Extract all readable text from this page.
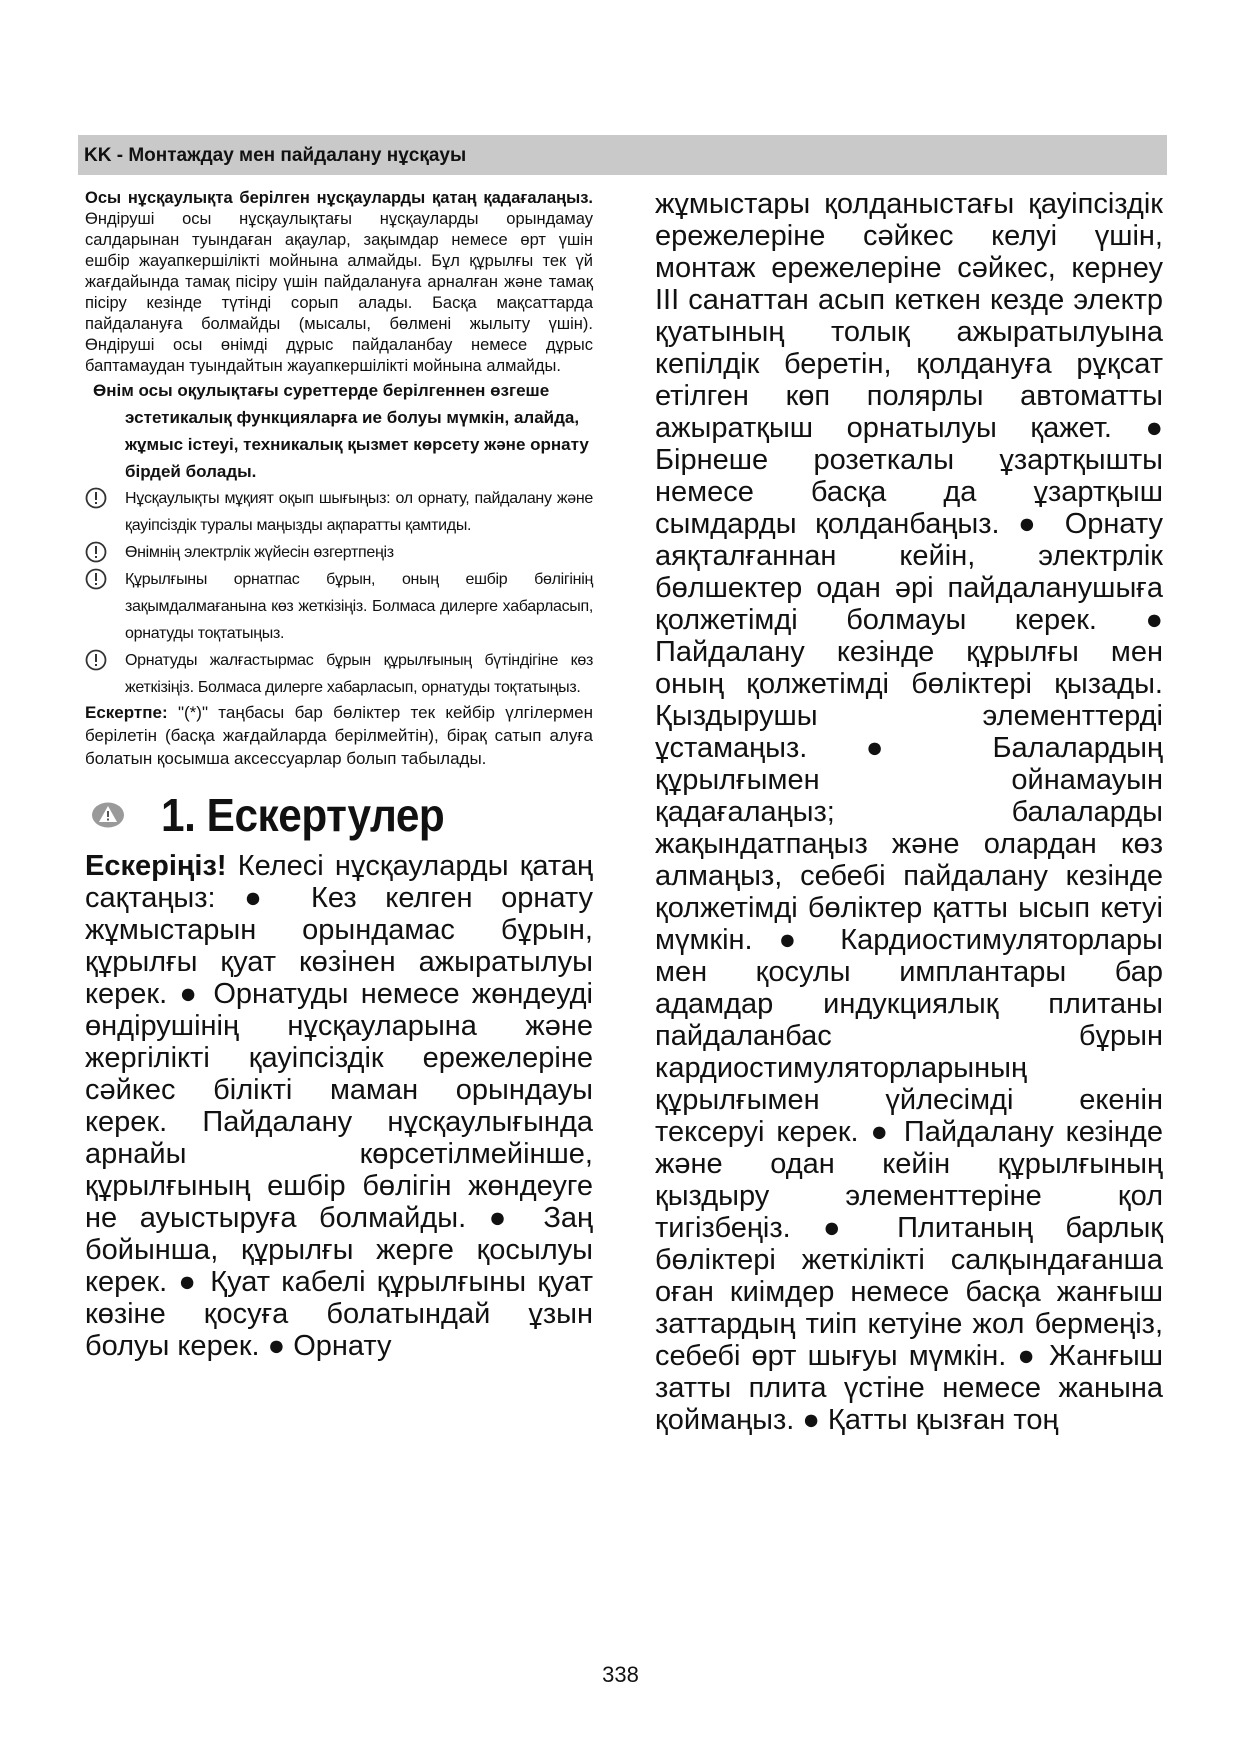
KK - Монтаждау мен пайдалану нұсқауы

Осы нұсқаулықта берілген нұсқауларды қатаң қадағалаңыз. Өндіруші осы нұсқаулықтағы нұсқауларды орындамау салдарынан туындаған ақаулар, зақымдар немесе өрт үшін ешбір жауапкершілікті мойнына алмайды. Бұл құрылғы тек үй жағдайында тамақ пісіру үшін пайдалануға арналған және тамақ пісіру кезінде түтінді сорып алады. Басқа мақсаттарда пайдалануға болмайды (мысалы, бөлмені жылыту үшін). Өндіруші осы өнімді дұрыс пайдаланбау немесе дұрыс баптамаудан туындайтын жауапкершілікті мойнына алмайды.

Өнім осы оқулықтағы суреттерде берілгеннен өзгеше эстетикалық функцияларға ие болуы мүмкін, алайда, жұмыс істеуі, техникалық қызмет көрсету және орнату бірдей болады.

Нұсқаулықты мұқият оқып шығыңыз: ол орнату, пайдалану және қауіпсіздік туралы маңызды ақпаратты қамтиды.

Өнімнің электрлік жүйесін өзгертпеңіз

Құрылғыны орнатпас бұрын, оның ешбір бөлігінің зақымдалмағанына көз жеткізіңіз. Болмаса дилерге хабарласып, орнатуды тоқтатыңыз.

Орнатуды жалғастырмас бұрын құрылғының бүтіндігіне көз жеткізіңіз. Болмаса дилерге хабарласып, орнатуды тоқтатыңыз.

Ескертпе: "(*)" таңбасы бар бөліктер тек кейбір үлгілермен берілетін (басқа жағдайларда берілмейтін), бірақ сатып алуға болатын қосымша аксессуарлар болып табылады.

1. Ескертулер

Ескеріңіз! Келесі нұсқауларды қатаң сақтаңыз: ● Кез келген орнату жұмыстарын орындамас бұрын, құрылғы қуат көзінен ажыратылуы керек. ● Орнатуды немесе жөндеуді өндірушінің нұсқауларына және жергілікті қауіпсіздік ережелеріне сәйкес білікті маман орындауы керек. Пайдалану нұсқаулығында арнайы көрсетілмейінше, құрылғының ешбір бөлігін жөндеуге не ауыстыруға болмайды. ● Заң бойынша, құрылғы жерге қосылуы керек. ● Қуат кабелі құрылғыны қуат көзіне қосуға болатындай ұзын болуы керек. ● Орнату

жұмыстары қолданыстағы қауіпсіздік ережелеріне сәйкес келуі үшін, монтаж ережелеріне сәйкес, кернеу III санаттан асып кеткен кезде электр қуатының толық ажыратылуына кепілдік беретін, қолдануға рұқсат етілген көп полярлы автоматты ажыратқыш орнатылуы қажет. ● Бірнеше розеткалы ұзартқышты немесе басқа да ұзартқыш сымдарды қолданбаңыз. ● Орнату аяқталғаннан кейін, электрлік бөлшектер одан әрі пайдаланушыға қолжетімді болмауы керек. ● Пайдалану кезінде құрылғы мен оның қолжетімді бөліктері қызады. Қыздырушы элементтерді ұстамаңыз. ● Балалардың құрылғымен ойнамауын қадағалаңыз; балаларды жақындатпаңыз және олардан көз алмаңыз, себебі пайдалану кезінде қолжетімді бөліктер қатты ысып кетуі мүмкін. ● Кардиостимуляторлары мен қосулы имплантары бар адамдар индукциялық плитаны пайдаланбас бұрын кардиостимуляторларының құрылғымен үйлесімді екенін тексеруі керек. ● Пайдалану кезінде және одан кейін құрылғының қыздыру элементтеріне қол тигізбеңіз. ● Плитаның барлық бөліктері жеткілікті салқындағанша оған киімдер немесе басқа жанғыш заттардың тиіп кетуіне жол бермеңіз, себебі өрт шығуы мүмкін. ● Жанғыш затты плита үстіне немесе жанына қоймаңыз. ● Қатты қызған тоң

338
